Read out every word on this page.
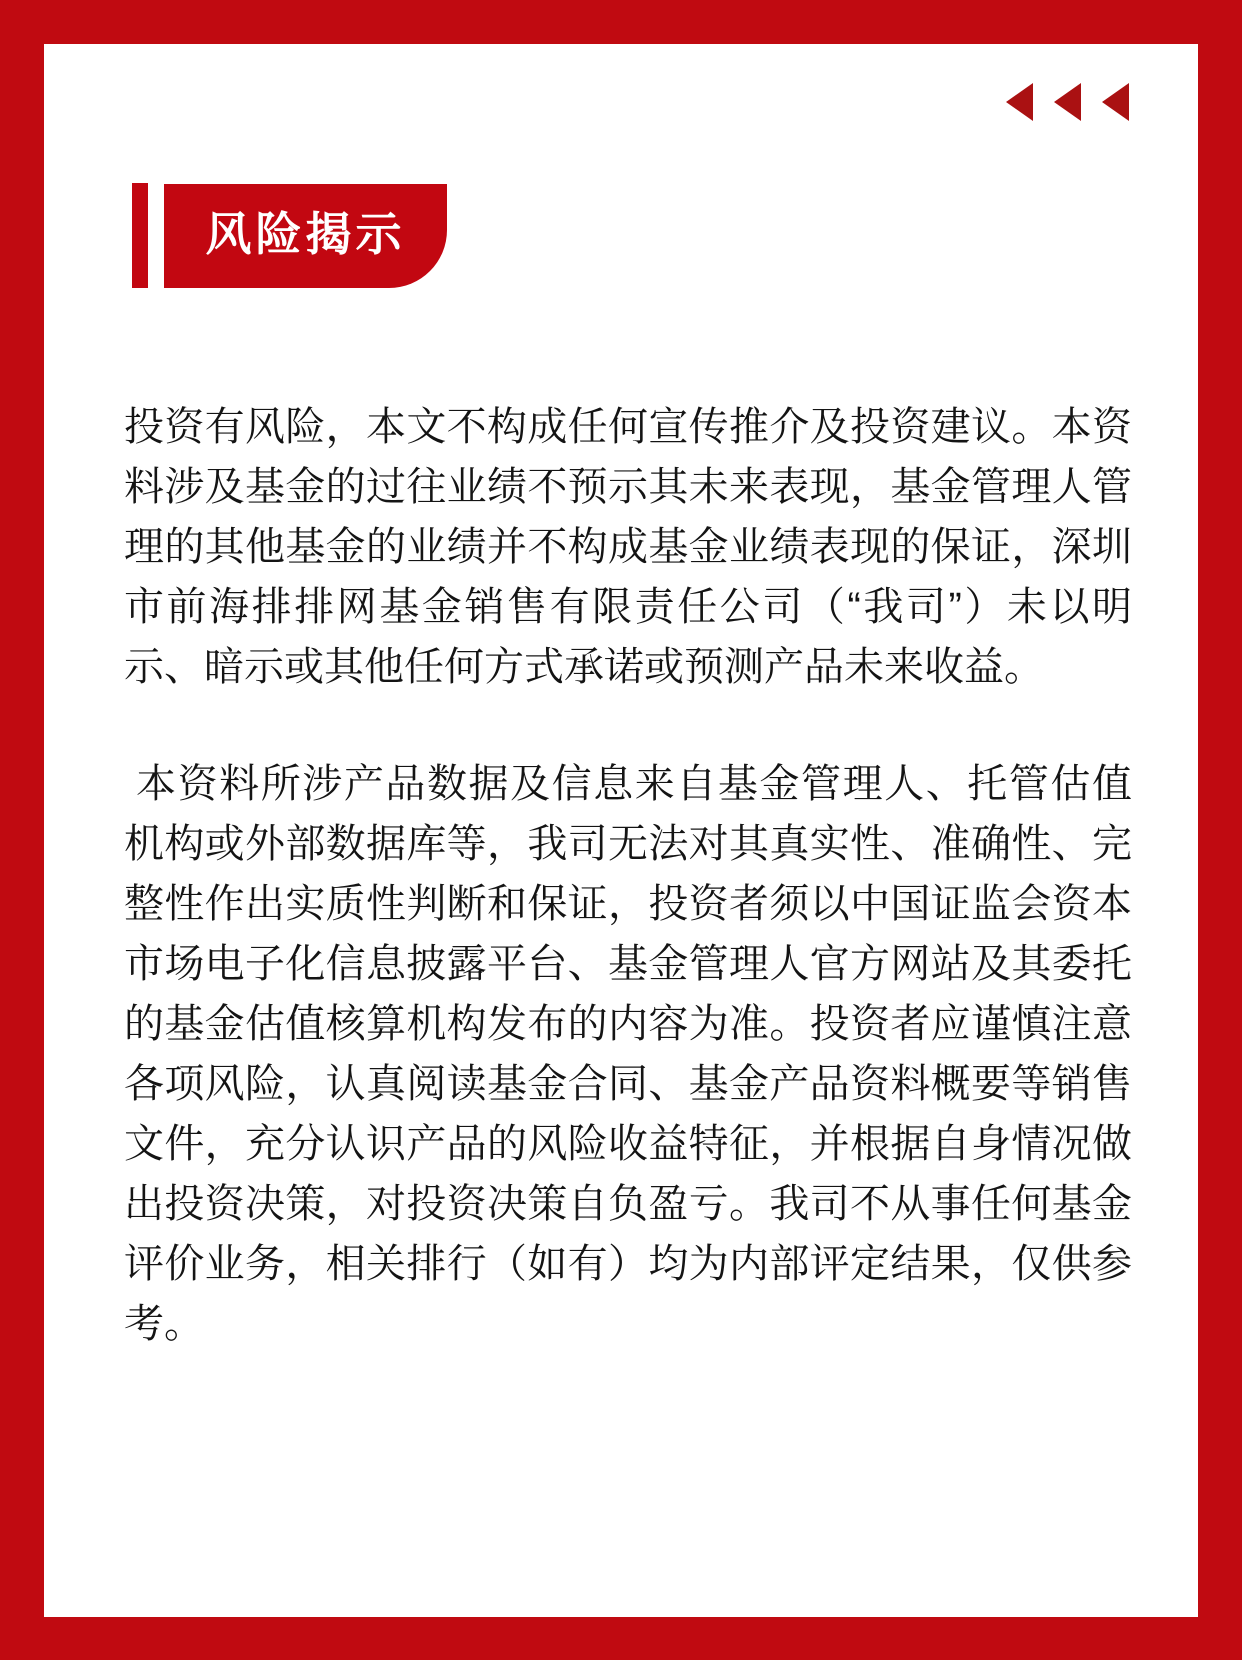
风险揭示

投资有风险，本文不构成任何宣传推介及投资建议。本资料涉及基金的过往业绩不预示其未来表现，基金管理人管理的其他基金的业绩并不构成基金业绩表现的保证，深圳市前海排排网基金销售有限责任公司（“我司”）未以明示、暗示或其他任何方式承诺或预测产品未来收益。

本资料所涉产品数据及信息来自基金管理人、托管估值机构或外部数据库等，我司无法对其真实性、准确性、完整性作出实质性判断和保证，投资者须以中国证监会资本市场电子化信息披露平台、基金管理人官方网站及其委托的基金估值核算机构发布的内容为准。投资者应谨慎注意各项风险，认真阅读基金合同、基金产品资料概要等销售文件，充分认识产品的风险收益特征，并根据自身情况做出投资决策，对投资决策自负盈亏。我司不从事任何基金评价业务，相关排行（如有）均为内部评定结果，仅供参考。
